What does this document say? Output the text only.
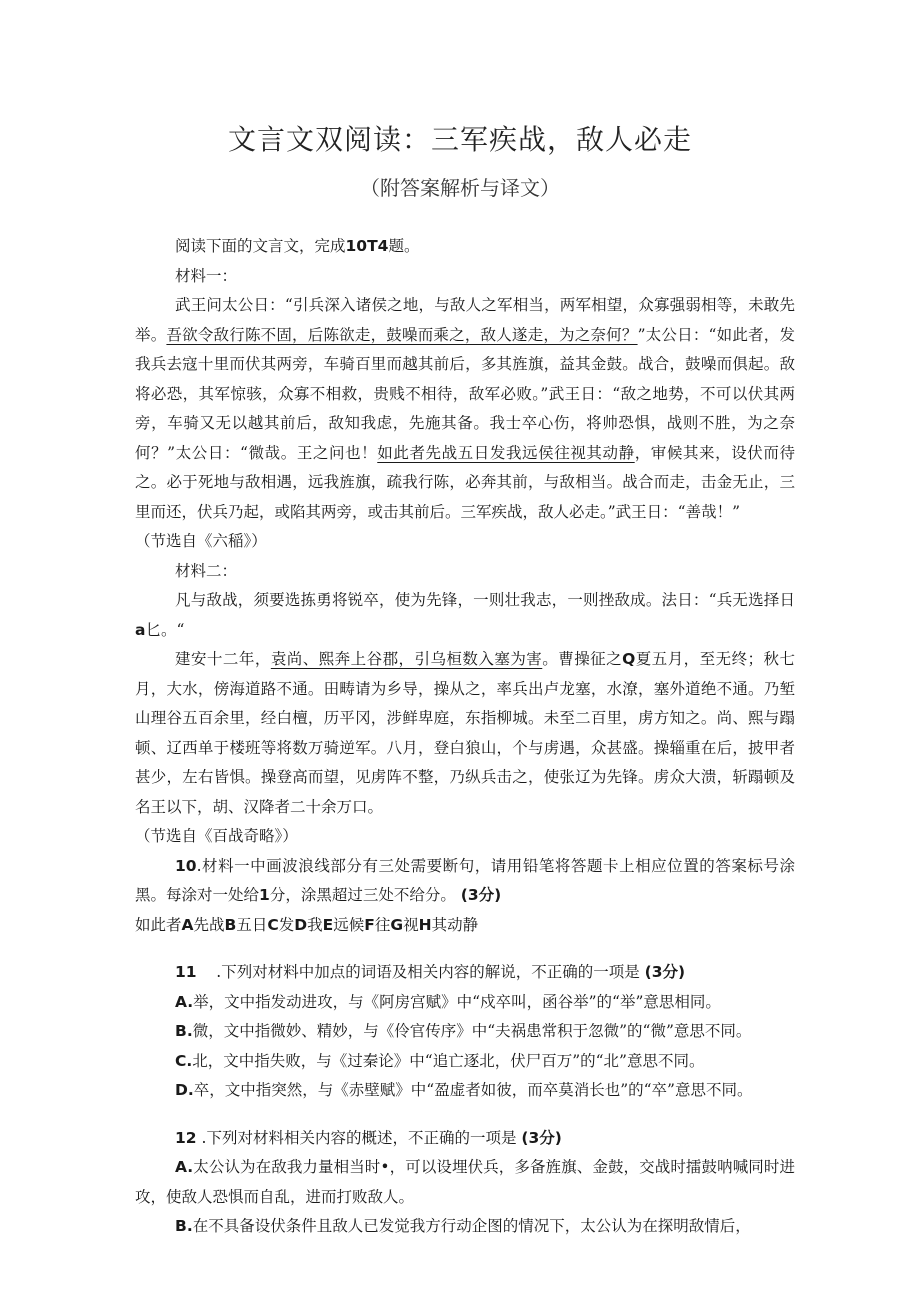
文言文双阅读：三军疾战，敌人必走
（附答案解析与译文）

阅读下面的文言文，完成10T4题。

材料一：

武王问太公日：“引兵深入诸侯之地，与敌人之军相当，两军相望，众寡强弱相等，未敢先举。吾欲令敌行陈不固，后陈欲走，鼓噪而乘之，敌人遂走，为之奈何？”太公日：“如此者，发我兵去寇十里而伏其两旁，车骑百里而越其前后，多其旌旗，益其金鼓。战合，鼓噪而俱起。敌将必恐，其军惊骇，众寡不相救，贵贱不相待，敌军必败。”武王日：“敌之地势，不可以伏其两旁，车骑又无以越其前后，敌知我虑，先施其备。我士卒心伤，将帅恐惧，战则不胜，为之奈何？”太公日：“微哉。王之问也！如此者先战五日发我远侯往视其动静，审候其来，设伏而待之。必于死地与敌相遇，远我旌旗，疏我行陈，必奔其前，与敌相当。战合而走，击金无止，三里而还，伏兵乃起，或陷其两旁，或击其前后。三军疾战，敌人必走。”武王日：“善哉！”

（节选自《六稲》）

材料二：

凡与敌战，须要选拣勇将锐卒，使为先锋，一则壮我志，一则挫敌成。法日：“兵无选择日a匕。“

建安十二年，袁尚、熙奔上谷郡，引乌桓数入塞为害。曹操征之Q夏五月，至无终；秋七月，大水，傍海道路不通。田畴请为乡导，操从之，率兵出卢龙塞，水潦，塞外道绝不通。乃堑山理谷五百余里，经白檀，历平冈，涉鲜卑庭，东指柳城。未至二百里，虏方知之。尚、熙与蹋顿、辽西单于楼班等将数万骑逆军。八月，登白狼山，个与虏遇，众甚盛。操辎重在后，披甲者甚少，左右皆惧。操登高而望，见虏阵不整，乃纵兵击之，使张辽为先锋。虏众大溃，斩蹋顿及名王以下，胡、汉降者二十余万口。

（节选自《百战奇略》）

10.材料一中画波浪线部分有三处需要断句，请用铅笔将答题卡上相应位置的答案标号涂黑。每涂对一处给1分，涂黑超过三处不给分。 (3分)

如此者A先战B五日C发D我E远候F往G视H其动静

11 .下列对材料中加点的词语及相关内容的解说，不正确的一项是 (3分)

A.举，文中指发动进攻，与《阿房宫赋》中“戍卒叫，函谷举”的“举”意思相同。

B.微，文中指微妙、精妙，与《伶官传序》中“夫祸患常积于忽微”的“微”意思不同。

C.北，文中指失败，与《过秦论》中“追亡逐北，伏尸百万”的“北”意思不同。

D.卒，文中指突然，与《赤壁赋》中“盈虚者如彼，而卒莫消长也”的“卒”意思不同。

12 .下列对材料相关内容的概述，不正确的一项是 (3分)

A.太公认为在敌我力量相当时•，可以设埋伏兵，多备旌旗、金鼓，交战时擂鼓呐喊同时进攻，使敌人恐惧而自乱，进而打败敌人。

B.在不具备设伏条件且敌人已发觉我方行动企图的情况下，太公认为在探明敌情后，
